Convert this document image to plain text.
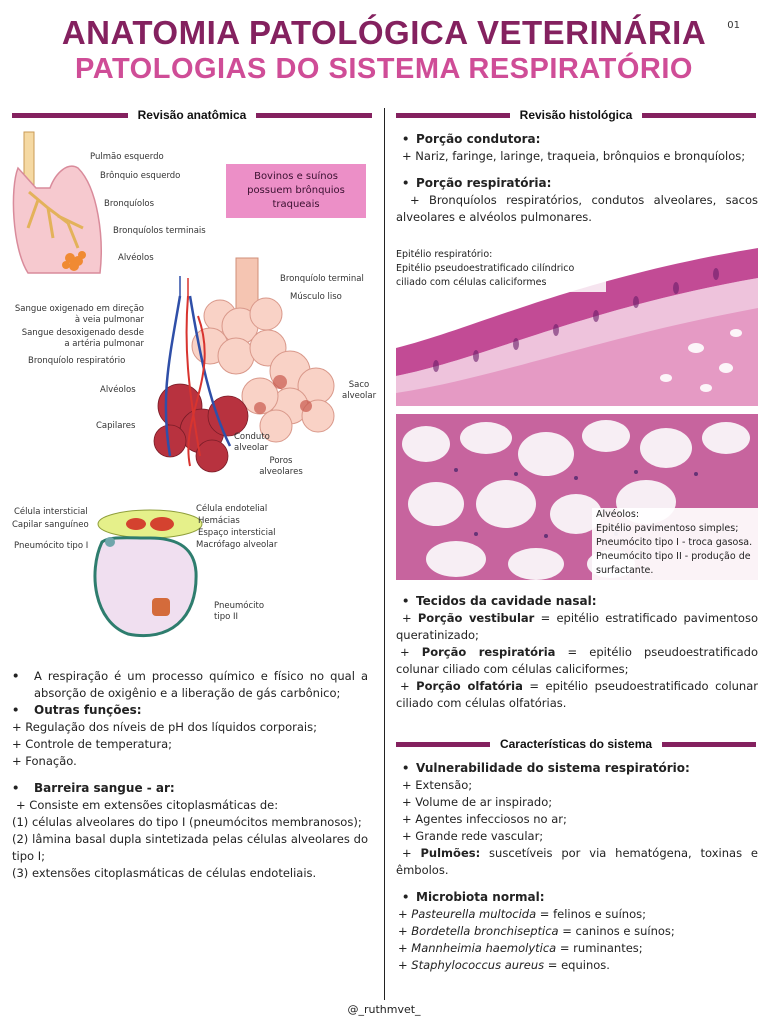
01
ANATOMIA PATOLÓGICA VETERINÁRIA
PATOLOGIAS DO SISTEMA RESPIRATÓRIO
Revisão anatômica
Pulmão esquerdo
Brônquio esquerdo
Bronquíolos
Bronquíolos terminais
Alvéolos
Bovinos e suínos possuem brônquios traqueais
Bronquíolo terminal
Músculo liso
Sangue oxigenado em direção à veia pulmonar
Sangue desoxigenado desde a artéria pulmonar
Bronquíolo respiratório
Alvéolos
Capilares
Saco alveolar
Conduto alveolar
Poros alveolares
Célula intersticial
Capilar sanguíneo
Pneumócito tipo I
Célula endotelial
Hemácias
Espaço intersticial
Macrófago alveolar
Pneumócito tipo II

• A respiração é um processo químico e físico no qual a absorção de oxigênio e a liberação de gás carbônico;

• Outras funções:

+ Regulação dos níveis de pH dos líquidos corporais;

+ Controle de temperatura;

+ Fonação.

• Barreira sangue - ar:

+ Consiste em extensões citoplasmáticas de:

(1) células alveolares do tipo I (pneumócitos membranosos);

(2) lâmina basal dupla sintetizada pelas células alveolares do tipo I;

(3) extensões citoplasmáticas de células endoteliais.

Revisão histológica

• Porção condutora:

+ Nariz, faringe, laringe, traqueia, brônquios e bronquíolos;

• Porção respiratória:

+ Bronquíolos respiratórios, condutos alveolares, sacos alveolares e alvéolos pulmonares.

Epitélio respiratório:

Epitélio pseudoestratificado cilíndrico ciliado com células caliciformes

Alvéolos:

Epitélio pavimentoso simples;

Pneumócito tipo I - troca gasosa.

Pneumócito tipo II - produção de surfactante.

• Tecidos da cavidade nasal:

+ Porção vestibular = epitélio estratificado pavimentoso queratinizado;

+ Porção respiratória = epitélio pseudoestratificado colunar ciliado com células caliciformes;

+ Porção olfatória = epitélio pseudoestratificado colunar ciliado com células olfatórias.

Características do sistema

• Vulnerabilidade do sistema respiratório:

+ Extensão;

+ Volume de ar inspirado;

+ Agentes infecciosos no ar;

+ Grande rede vascular;

+ Pulmões: suscetíveis por via hematógena, toxinas e êmbolos.

• Microbiota normal:

+ Pasteurella multocida = felinos e suínos;

+ Bordetella bronchiseptica = caninos e suínos;

+ Mannheimia haemolytica = ruminantes;

+ Staphylococcus aureus = equinos.

@_ruthmvet_
